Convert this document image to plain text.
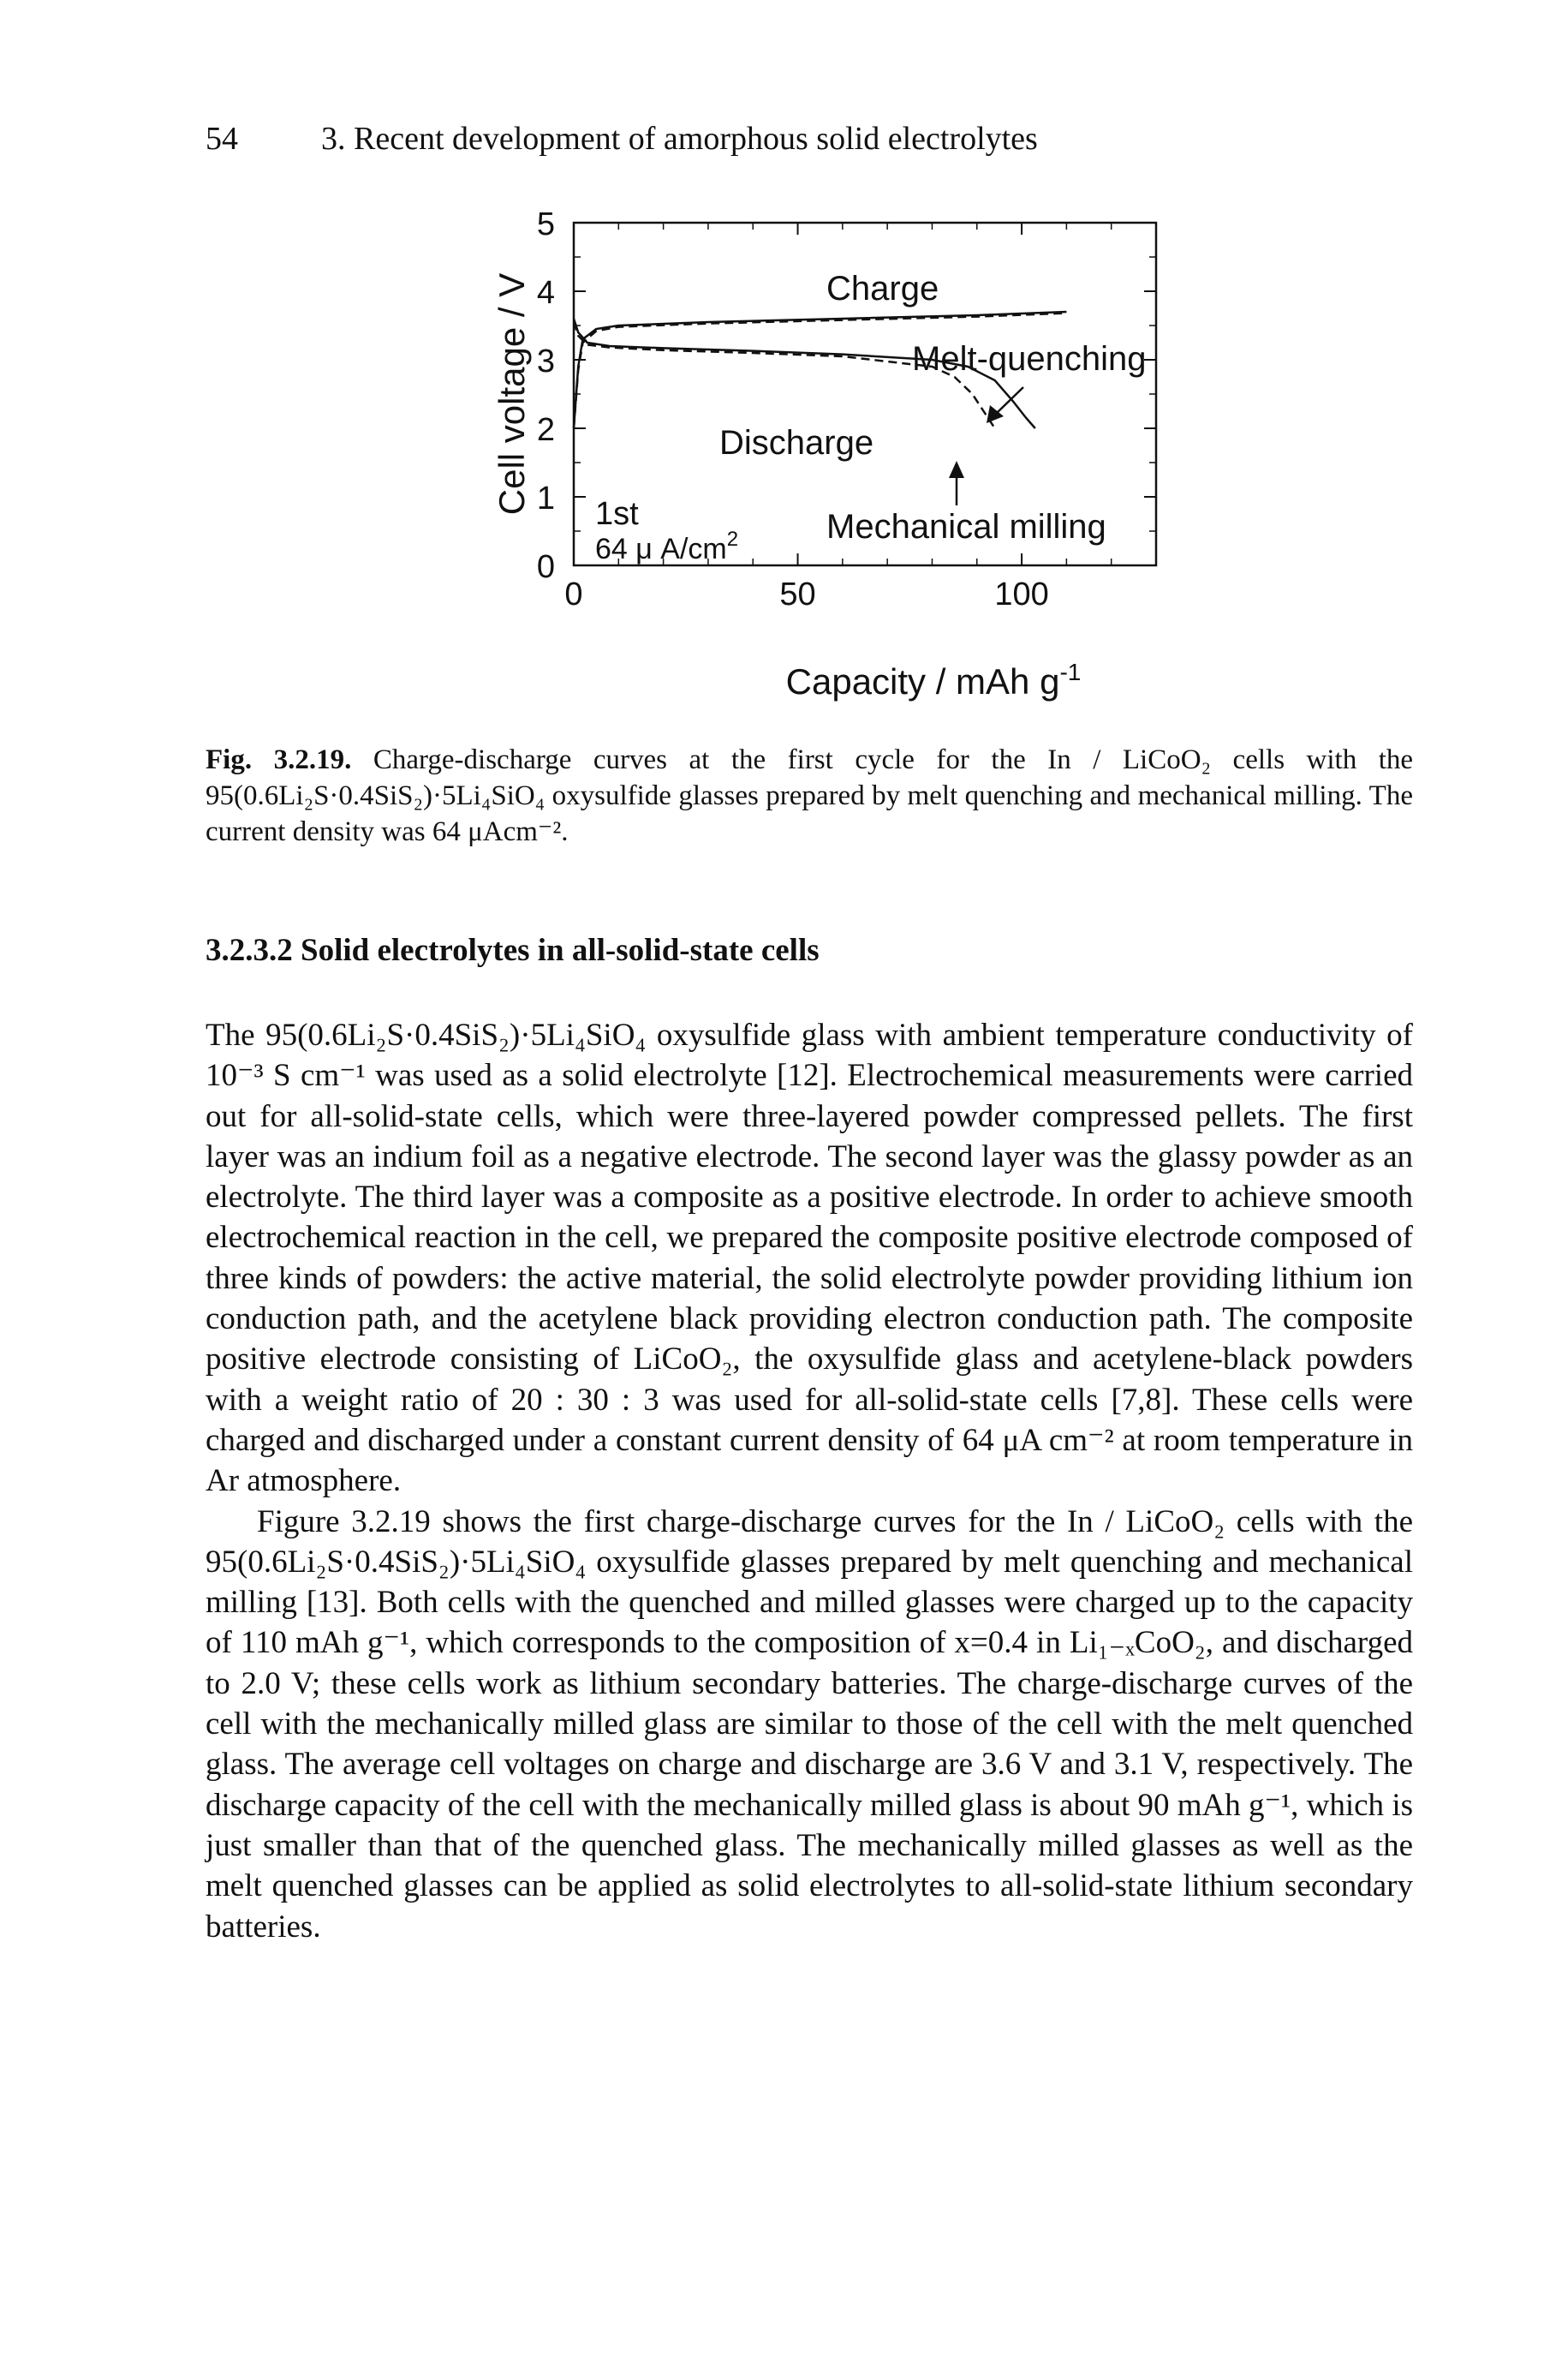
54	3. Recent development of amorphous solid electrolytes
0
1
2
3
4
5
0	50	100
Charge
Discharge
Melt-quenching
Mechanical milling
1st
64 μ $A/cm^2$
Cell voltage / V
Capacity / mAh $g^{-1}$
Fig. 3.2.19. Charge-discharge curves at the first cycle for the In / LiCoO₂ cells with the 95(0.6Li₂S·0.4SiS₂)·5Li₄SiO₄ oxysulfide glasses prepared by melt quenching and mechanical milling. The current density was 64 μAcm⁻².
3.2.3.2 Solid electrolytes in all-solid-state cells

The 95(0.6Li₂S·0.4SiS₂)·5Li₄SiO₄ oxysulfide glass with ambient temperature conductivity of 10⁻³ S cm⁻¹ was used as a solid electrolyte [12]. Electrochemical measurements were carried out for all-solid-state cells, which were three-layered powder compressed pellets. The first layer was an indium foil as a negative electrode. The second layer was the glassy powder as an electrolyte. The third layer was a composite as a positive electrode. In order to achieve smooth electrochemical reaction in the cell, we prepared the composite positive electrode composed of three kinds of powders: the active material, the solid electrolyte powder providing lithium ion conduction path, and the acetylene black providing electron conduction path. The composite positive electrode consisting of LiCoO₂, the oxysulfide glass and acetylene-black powders with a weight ratio of 20 : 30 : 3 was used for all-solid-state cells [7,8]. These cells were charged and discharged under a constant current density of 64 μA cm⁻² at room temperature in Ar atmosphere.

Figure 3.2.19 shows the first charge-discharge curves for the In / LiCoO₂ cells with the 95(0.6Li₂S·0.4SiS₂)·5Li₄SiO₄ oxysulfide glasses prepared by melt quenching and mechanical milling [13]. Both cells with the quenched and milled glasses were charged up to the capacity of 110 mAh g⁻¹, which corresponds to the composition of x=0.4 in Li₁₋ₓCoO₂, and discharged to 2.0 V; these cells work as lithium secondary batteries. The charge-discharge curves of the cell with the mechanically milled glass are similar to those of the cell with the melt quenched glass. The average cell voltages on charge and discharge are 3.6 V and 3.1 V, respectively. The discharge capacity of the cell with the mechanically milled glass is about 90 mAh g⁻¹, which is just smaller than that of the quenched glass. The mechanically milled glasses as well as the melt quenched glasses can be applied as solid electrolytes to all-solid-state lithium secondary batteries.
